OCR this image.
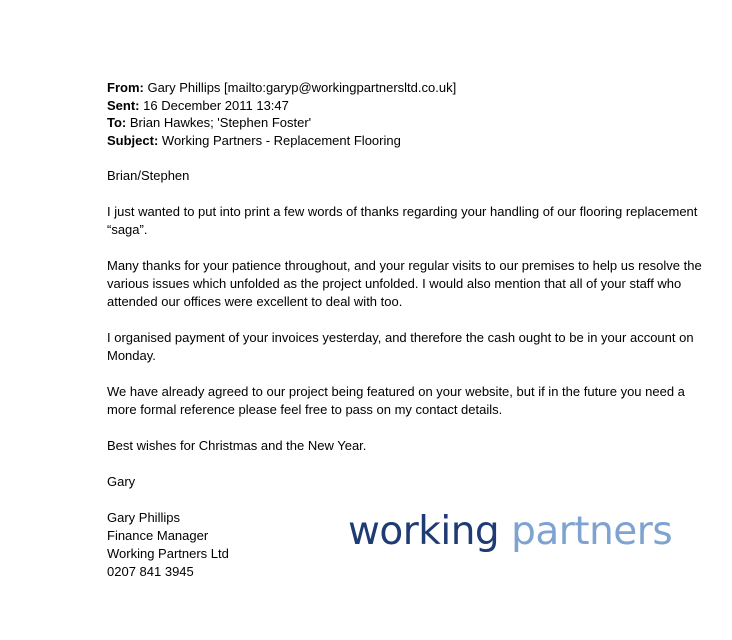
From: Gary Phillips [mailto:garyp@workingpartnersltd.co.uk]
Sent: 16 December 2011 13:47
To: Brian Hawkes; 'Stephen Foster'
Subject: Working Partners - Replacement Flooring

Brian/Stephen

I just wanted to put into print a few words of thanks regarding your handling of our flooring replacement “saga”.

Many thanks for your patience throughout, and your regular visits to our premises to help us resolve the various issues which unfolded as the project unfolded. I would also mention that all of your staff who attended our offices were excellent to deal with too.

I organised payment of your invoices yesterday, and therefore the cash ought to be in your account on Monday.

We have already agreed to our project being featured on your website, but if in the future you need a more formal reference please feel free to pass on my contact details.

Best wishes for Christmas and the New Year.

Gary

Gary Phillips
Finance Manager
Working Partners Ltd
0207 841 3945
working partners
